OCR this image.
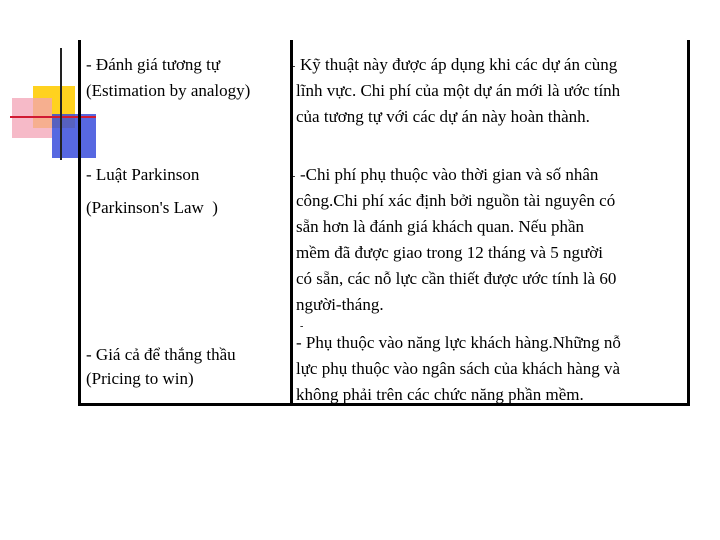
- Đánh giá tương tự
(Estimation by analogy)
- Kỹ thuật này được áp dụng khi các dự án cùng
lĩnh vực. Chi phí của một dự án mới là ước tính
của tương tự với các dự án này hoàn thành.
- Luật Parkinson
(Parkinson's Law  )
- -Chi phí phụ thuộc vào thời gian và số nhân
công.Chi phí xác định bởi nguồn tài nguyên có
sẵn hơn là đánh giá khách quan. Nếu phần
mềm đã được giao trong 12 tháng và 5 người
có sẵn, các nỗ lực cần thiết được ước tính là 60
người-tháng.
- Giá cả để thắng thầu
(Pricing to win)
-
- Phụ thuộc vào năng lực khách hàng.Những nỗ
lực phụ thuộc vào ngân sách của khách hàng và
không phải trên các chức năng phần mềm.
